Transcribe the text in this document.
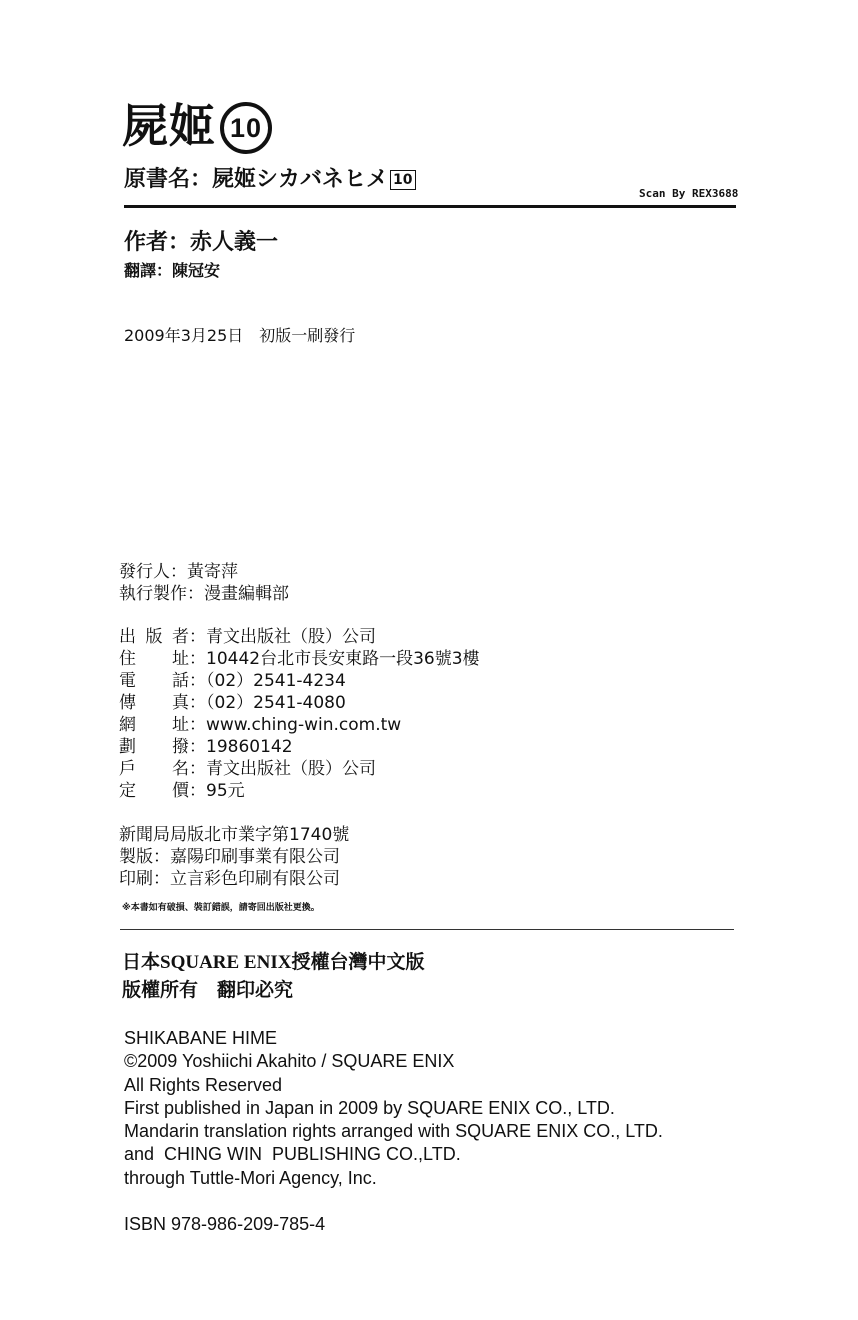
屍姬 10
原書名：屍姬シカバネヒメ 10
Scan By REX3688
作者：赤人義一
翻譯：陳冠安
2009年3月25日 初版一刷發行
發行人：黃寄萍
執行製作：漫畫編輯部
出版者：青文出版社（股）公司
住址：10442台北市長安東路一段36號3樓
電話：（02）2541-4234
傳真：（02）2541-4080
網址：www.ching-win.com.tw
劃撥：19860142
戶名：青文出版社（股）公司
定價：95元
新聞局局版北市業字第1740號
製版：嘉陽印刷事業有限公司
印刷：立言彩色印刷有限公司
※本書如有破損、裝訂錯誤，請寄回出版社更換。
日本SQUARE ENIX授權台灣中文版
版權所有　翻印必究
SHIKABANE HIME
©2009 Yoshiichi Akahito / SQUARE ENIX
All Rights Reserved
First published in Japan in 2009 by SQUARE ENIX CO., LTD.
Mandarin translation rights arranged with SQUARE ENIX CO., LTD.
and  CHING WIN  PUBLISHING CO.,LTD.
through Tuttle-Mori Agency, Inc.
ISBN 978-986-209-785-4
